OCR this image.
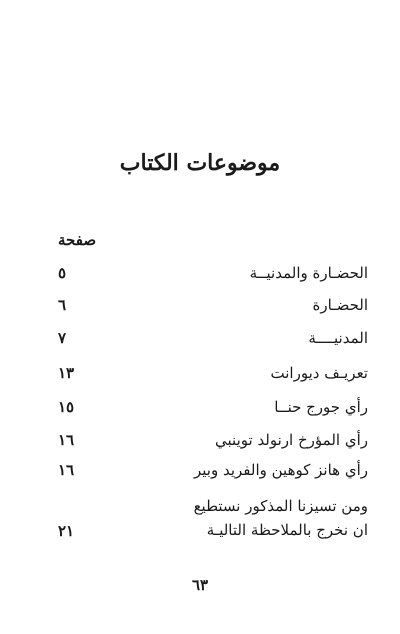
موضوعات الكتاب
صفحة
الحضـارة والمدنيــة
٥
الحضـارة
٦
المدنيــــة
٧
تعريـف ديورانت
١٣
رأي جورج حنــا
١٥
رأي المؤرخ ارنولد توينبي
١٦
رأي هانز كوهين والفريد وبير
١٦
ومن تسيزنا المذكور نستطيع
ان نخرج بالملاحظة التاليـة
٢١
٦٣
